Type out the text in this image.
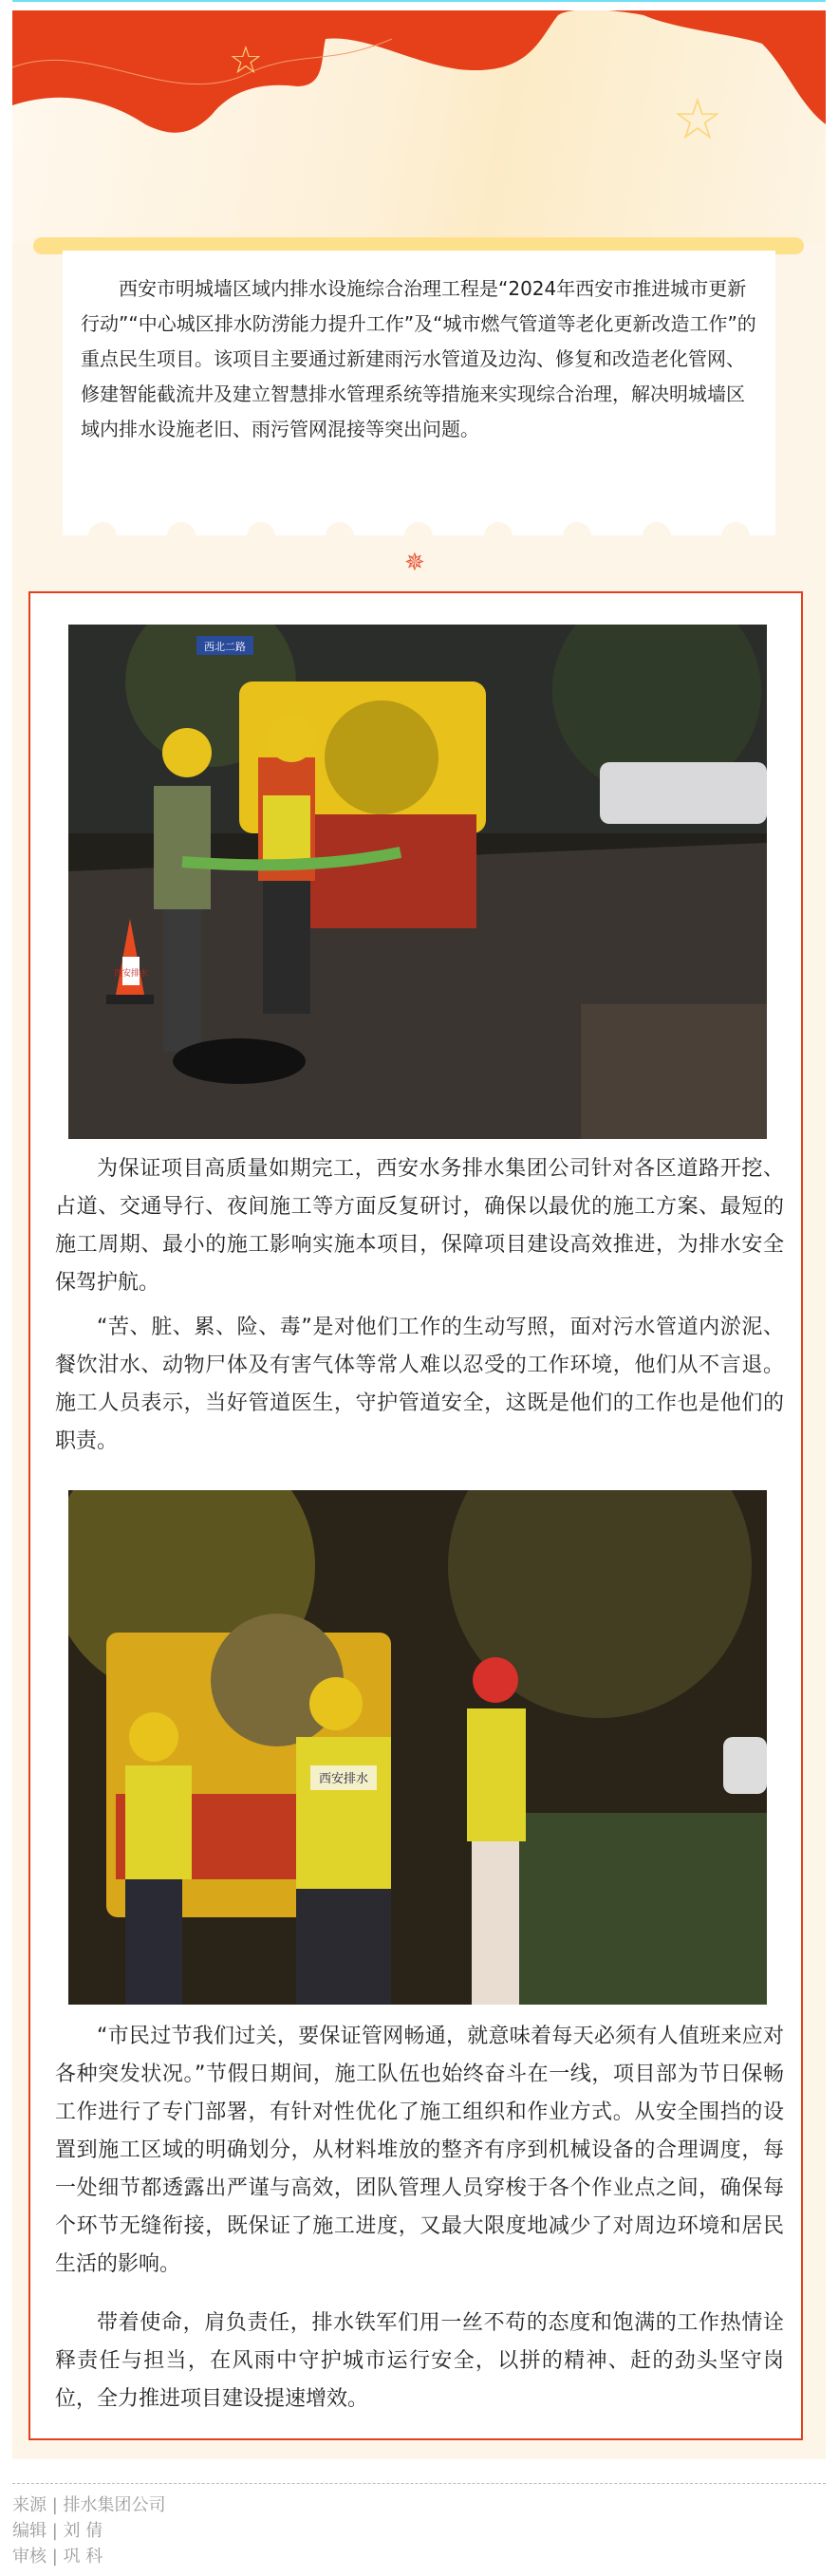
☆
☆

西安市明城墙区域内排水设施综合治理工程是“2024年西安市推进城市更新行动”“中心城区排水防涝能力提升工作”及“城市燃气管道等老化更新改造工作”的重点民生项目。该项目主要通过新建雨污水管道及边沟、修复和改造老化管网、修建智能截流井及建立智慧排水管理系统等措施来实现综合治理，解决明城墙区域内排水设施老旧、雨污管网混接等突出问题。

✵
西北二路
西安排水

为保证项目高质量如期完工，西安水务排水集团公司针对各区道路开挖、占道、交通导行、夜间施工等方面反复研讨，确保以最优的施工方案、最短的施工周期、最小的施工影响实施本项目，保障项目建设高效推进，为排水安全保驾护航。

“苦、脏、累、险、毒”是对他们工作的生动写照，面对污水管道内淤泥、餐饮泔水、动物尸体及有害气体等常人难以忍受的工作环境，他们从不言退。施工人员表示，当好管道医生，守护管道安全，这既是他们的工作也是他们的职责。

西安排水

“市民过节我们过关，要保证管网畅通，就意味着每天必须有人值班来应对各种突发状况。”节假日期间，施工队伍也始终奋斗在一线，项目部为节日保畅工作进行了专门部署，有针对性优化了施工组织和作业方式。从安全围挡的设置到施工区域的明确划分，从材料堆放的整齐有序到机械设备的合理调度，每一处细节都透露出严谨与高效，团队管理人员穿梭于各个作业点之间，确保每个环节无缝衔接，既保证了施工进度，又最大限度地减少了对周边环境和居民生活的影响。

带着使命，肩负责任，排水铁军们用一丝不苟的态度和饱满的工作热情诠释责任与担当，在风雨中守护城市运行安全，以拼的精神、赶的劲头坚守岗位，全力推进项目建设提速增效。

来源 | 排水集团公司
编辑 | 刘 倩
审核 | 巩 科
